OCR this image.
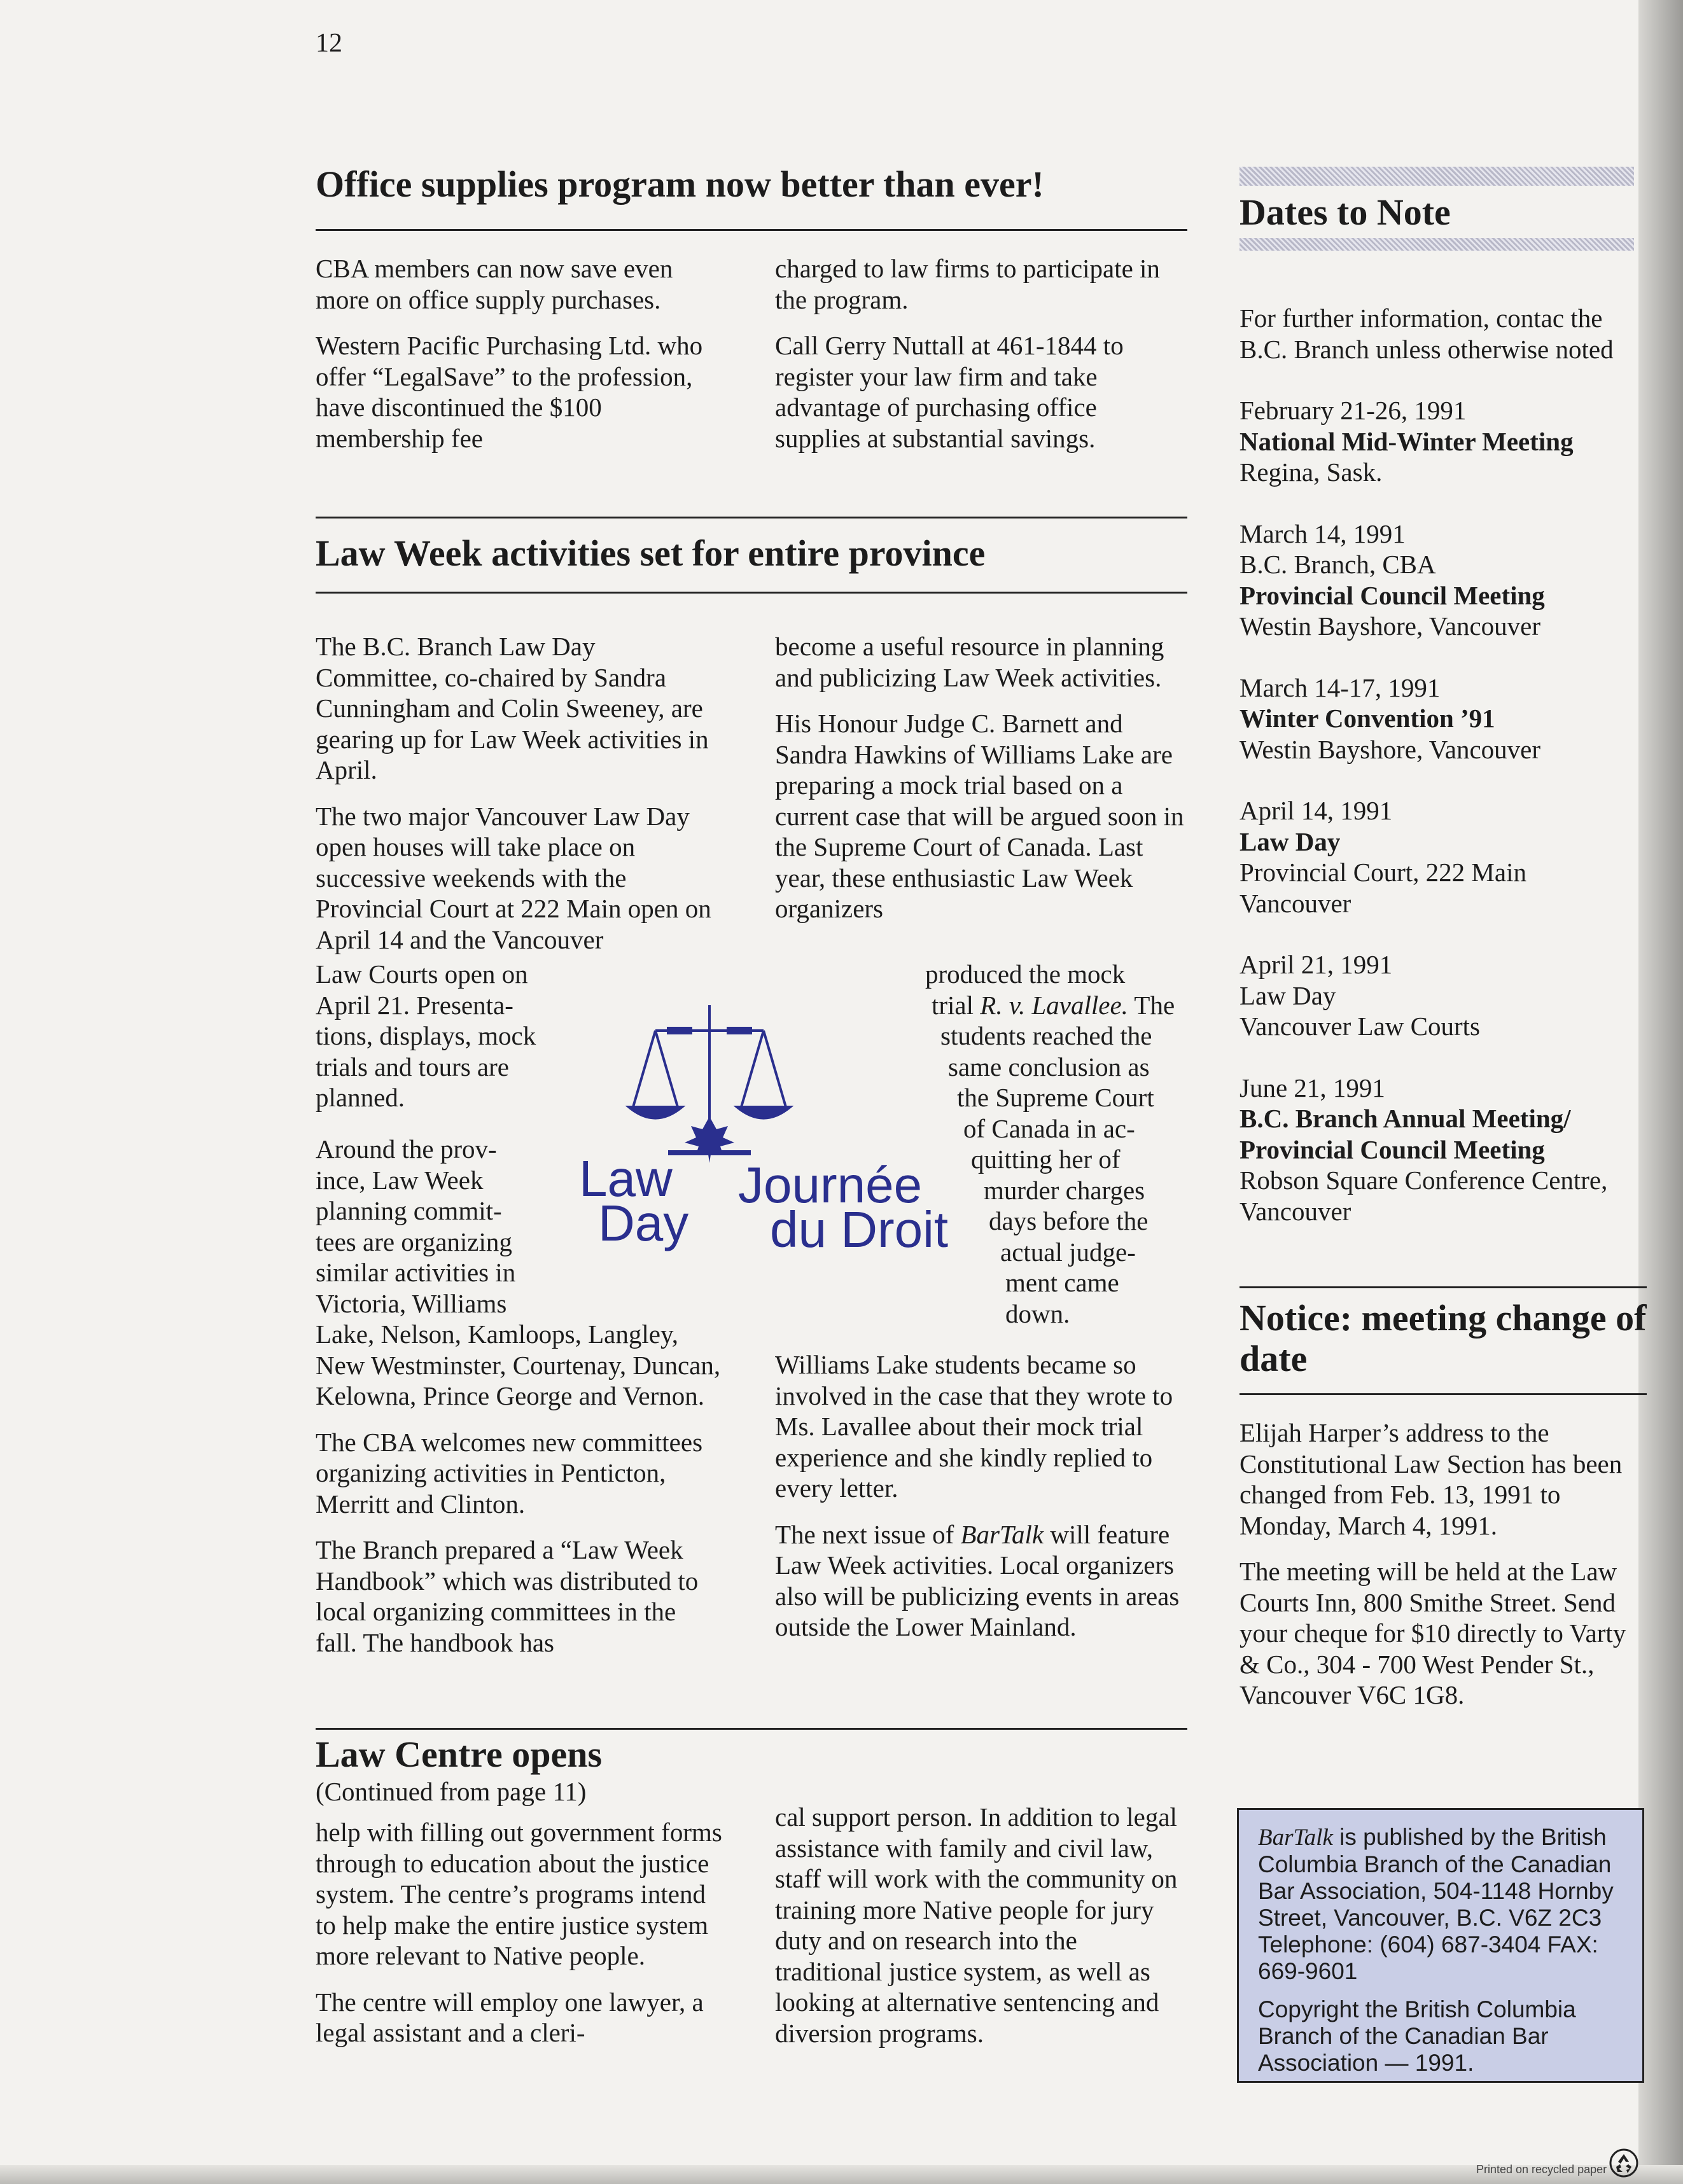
12
Office supplies program now better than ever!

CBA members can now save even more on office supply purchases.

Western Pacific Purchasing Ltd. who offer “LegalSave” to the profession, have discontinued the $100 membership fee

charged to law firms to participate in the program.

Call Gerry Nuttall at 461-1844 to register your law firm and take advantage of purchasing office supplies at substantial savings.

Law Week activities set for entire province

The B.C. Branch Law Day Committee, co-chaired by Sandra Cunningham and Colin Sweeney, are gearing up for Law Week activities in April.

The two major Vancouver Law Day open houses will take place on successive weekends with the Provincial Court at 222 Main open on April 14 and the Vancouver

Law Courts open on
April 21. Presenta-
tions, displays, mock
trials and tours are
planned.
Around the prov-
ince, Law Week
planning commit-
tees are organizing
similar activities in
Victoria, Williams

Lake, Nelson, Kamloops, Langley, New Westminster, Courtenay, Duncan, Kelowna, Prince George and Vernon.

The CBA welcomes new committees organizing activities in Penticton, Merritt and Clinton.

The Branch prepared a “Law Week Handbook” which was distributed to local organizing committees in the fall. The handbook has

become a useful resource in planning and publicizing Law Week activities.

His Honour Judge C. Barnett and Sandra Hawkins of Williams Lake are preparing a mock trial based on a current case that will be argued soon in the Supreme Court of Canada. Last year, these enthusiastic Law Week organizers

produced the mock
trial R. v. Lavallee. The
students reached the
same conclusion as
the Supreme Court
of Canada in ac-
quitting her of
murder charges
days before the
actual judge-
ment came
down.

Williams Lake students became so involved in the case that they wrote to Ms. Lavallee about their mock trial experience and she kindly replied to every letter.

The next issue of BarTalk will feature Law Week activities. Local organizers also will be publicizing events in areas outside the Lower Mainland.

Law
Day
Journée
du Droit
Law Centre opens
(Continued from page 11)

help with filling out government forms through to education about the justice system. The centre’s programs intend to help make the entire justice system more relevant to Native people.

The centre will employ one lawyer, a legal assistant and a cleri-

cal support person. In addition to legal assistance with family and civil law, staff will work with the community on training more Native people for jury duty and on research into the traditional justice system, as well as looking at alternative sentencing and diversion programs.

Dates to Note

For further information, contac the B.C. Branch unless otherwise noted

February 21-26, 1991
National Mid-Winter Meeting
Regina, Sask.

March 14, 1991
B.C. Branch, CBA
Provincial Council Meeting
Westin Bayshore, Vancouver

March 14-17, 1991
Winter Convention ’91
Westin Bayshore, Vancouver

April 14, 1991
Law Day
Provincial Court, 222 Main
Vancouver

April 21, 1991
Law Day
Vancouver Law Courts

June 21, 1991
B.C. Branch Annual Meeting/ Provincial Council Meeting
Robson Square Conference Centre, Vancouver

Notice: meeting change of date

Elijah Harper’s address to the Constitutional Law Section has been changed from Feb. 13, 1991 to Monday, March 4, 1991.

The meeting will be held at the Law Courts Inn, 800 Smithe Street. Send your cheque for $10 directly to Varty & Co., 304 - 700 West Pender St., Vancouver V6C 1G8.

BarTalk is published by the British Columbia Branch of the Canadian Bar Association, 504-1148 Hornby Street, Vancouver, B.C. V6Z 2C3 Telephone: (604) 687-3404 FAX: 669-9601

Copyright the British Columbia Branch of the Canadian Bar Association — 1991.

Printed on recycled paper
